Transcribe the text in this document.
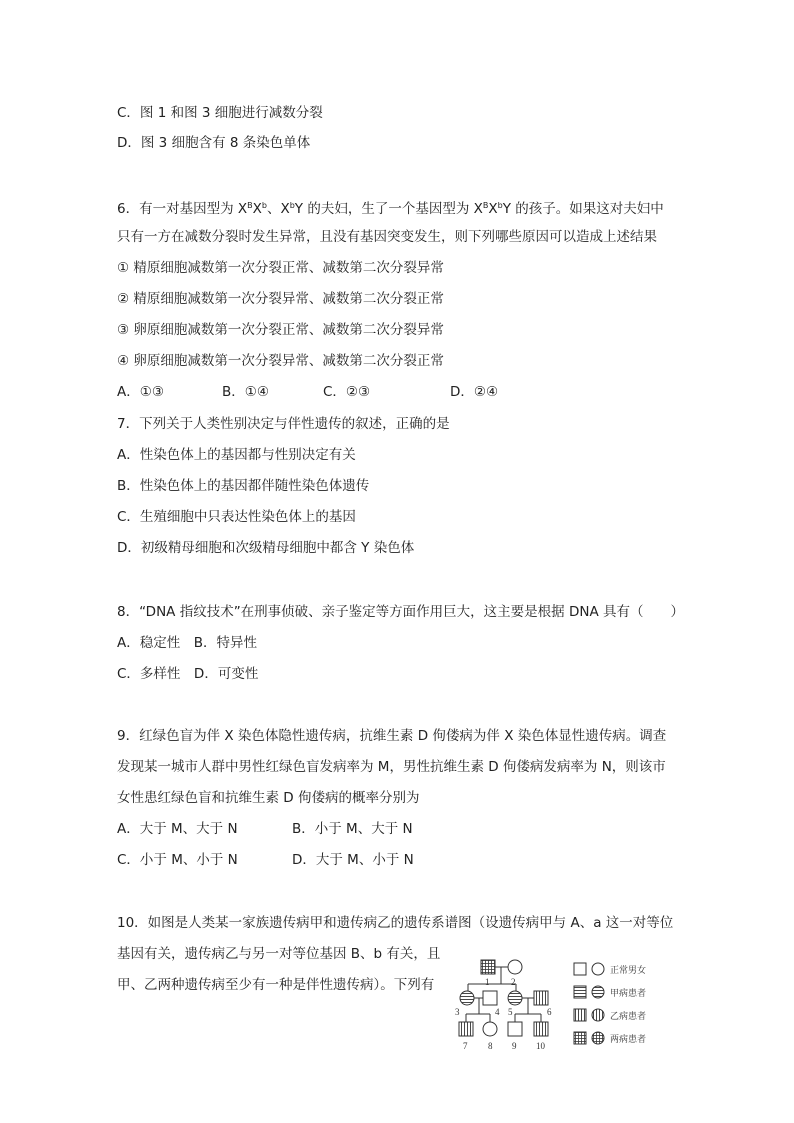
C．图 1 和图 3 细胞进行减数分裂
D．图 3 细胞含有 8 条染色单体
6．有一对基因型为 $X^BX^b$、$X^bY$ 的夫妇，生了一个基因型为 $X^BX^bY$ 的孩子。如果这对夫妇中
只有一方在减数分裂时发生异常，且没有基因突变发生，则下列哪些原因可以造成上述结果
① 精原细胞减数第一次分裂正常、减数第二次分裂异常
② 精原细胞减数第一次分裂异常、减数第二次分裂正常
③ 卵原细胞减数第一次分裂正常、减数第二次分裂异常
④ 卵原细胞减数第一次分裂异常、减数第二次分裂正常
A．①③	B．①④	C．②③	D．②④
7．下列关于人类性别决定与伴性遗传的叙述，正确的是
A．性染色体上的基因都与性别决定有关
B．性染色体上的基因都伴随性染色体遗传
C．生殖细胞中只表达性染色体上的基因
D．初级精母细胞和次级精母细胞中都含 Y 染色体
8．“DNA 指纹技术”在刑事侦破、亲子鉴定等方面作用巨大，这主要是根据 DNA 具有（　　）
A．稳定性　B．特异性
C．多样性　D．可变性
9．红绿色盲为伴 X 染色体隐性遗传病，抗维生素 D 佝偻病为伴 X 染色体显性遗传病。调查
发现某一城市人群中男性红绿色盲发病率为 M，男性抗维生素 D 佝偻病发病率为 N，则该市
女性患红绿色盲和抗维生素 D 佝偻病的概率分别为
A．大于 M、大于 N	B．小于 M、大于 N
C．小于 M、小于 N	D．大于 M、小于 N
10．如图是人类某一家族遗传病甲和遗传病乙的遗传系谱图（设遗传病甲与 A、a 这一对等位
基因有关，遗传病乙与另一对等位基因 B、b 有关，且
甲、乙两种遗传病至少有一种是伴性遗传病）。下列有	1 2
3	4 5	6
7 8 9 10
正常男女
甲病患者
乙病患者
两病患者
